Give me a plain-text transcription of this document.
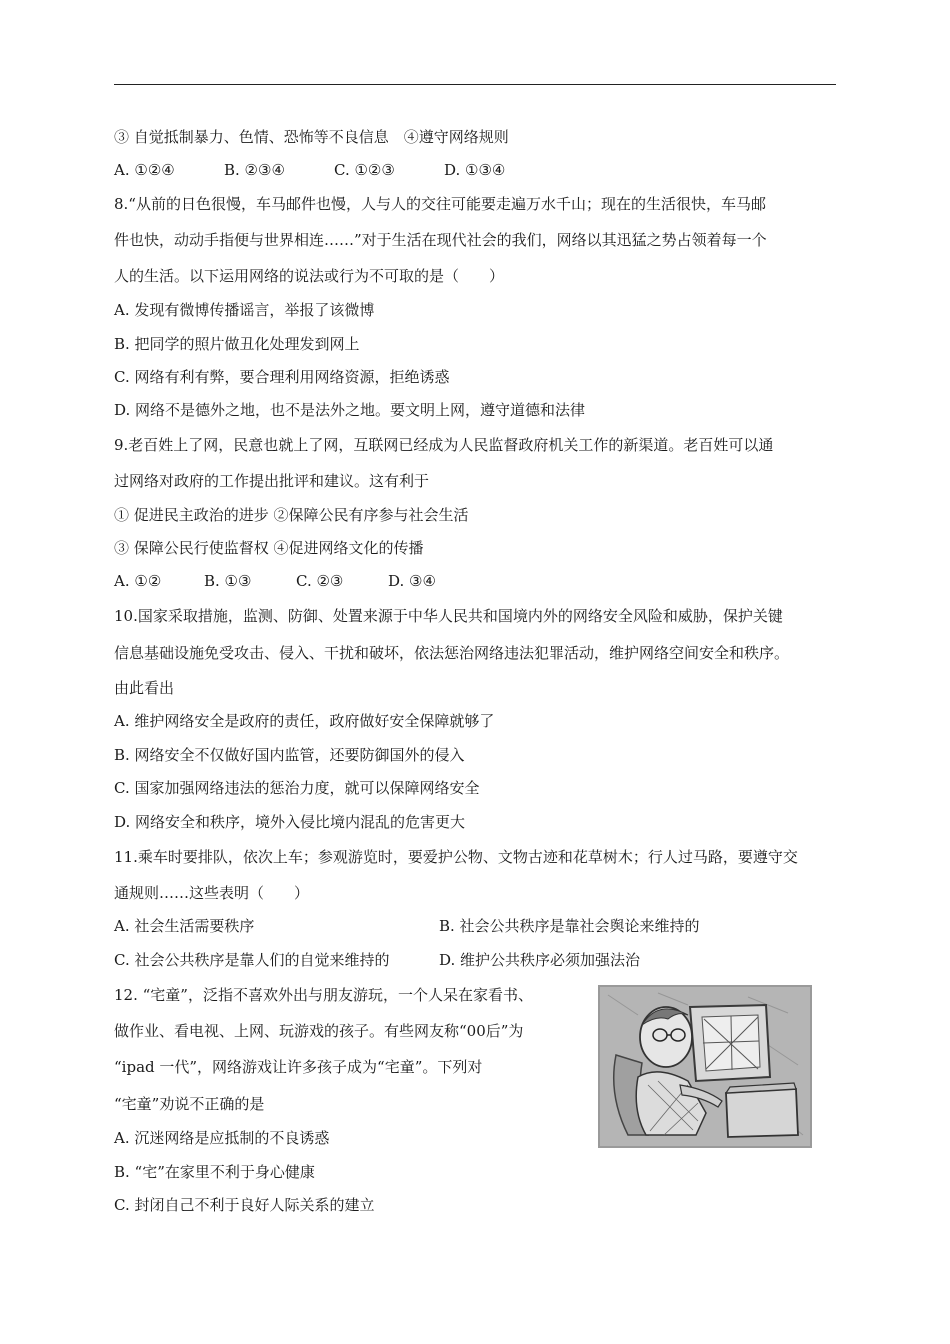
③ 自觉抵制暴力、色情、恐怖等不良信息　④遵守网络规则
A. ①②④	B. ②③④	C. ①②③	D. ①③④
8.“从前的日色很慢，车马邮件也慢，人与人的交往可能要走遍万水千山；现在的生活很快，车马邮
件也快，动动手指便与世界相连……”对于生活在现代社会的我们，网络以其迅猛之势占领着每一个
人的生活。以下运用网络的说法或行为不可取的是（　　）
A. 发现有微博传播谣言，举报了该微博
B. 把同学的照片做丑化处理发到网上
C. 网络有利有弊，要合理利用网络资源，拒绝诱惑
D. 网络不是德外之地，也不是法外之地。要文明上网，遵守道德和法律
9.老百姓上了网，民意也就上了网，互联网已经成为人民监督政府机关工作的新渠道。老百姓可以通
过网络对政府的工作提出批评和建议。这有利于
① 促进民主政治的进步 ②保障公民有序参与社会生活
③ 保障公民行使监督权 ④促进网络文化的传播
A. ①②	B. ①③	C. ②③	D. ③④
10.国家采取措施，监测、防御、处置来源于中华人民共和国境内外的网络安全风险和威胁，保护关键
信息基础设施免受攻击、侵入、干扰和破坏，依法惩治网络违法犯罪活动，维护网络空间安全和秩序。
由此看出
A. 维护网络安全是政府的责任，政府做好安全保障就够了
B. 网络安全不仅做好国内监管，还要防御国外的侵入
C. 国家加强网络违法的惩治力度，就可以保障网络安全
D. 网络安全和秩序，境外入侵比境内混乱的危害更大
11.乘车时要排队，依次上车；参观游览时，要爱护公物、文物古迹和花草树木；行人过马路，要遵守交
通规则……这些表明（　　）
A. 社会生活需要秩序	B. 社会公共秩序是靠社会舆论来维持的
C. 社会公共秩序是靠人们的自觉来维持的	D. 维护公共秩序必须加强法治
12. “宅童”，泛指不喜欢外出与朋友游玩，一个人呆在家看书、
做作业、看电视、上网、玩游戏的孩子。有些网友称“00后”为
“ipad 一代”，网络游戏让许多孩子成为“宅童”。下列对
“宅童”劝说不正确的是
A. 沉迷网络是应抵制的不良诱惑
B. “宅”在家里不利于身心健康
C. 封闭自己不利于良好人际关系的建立
